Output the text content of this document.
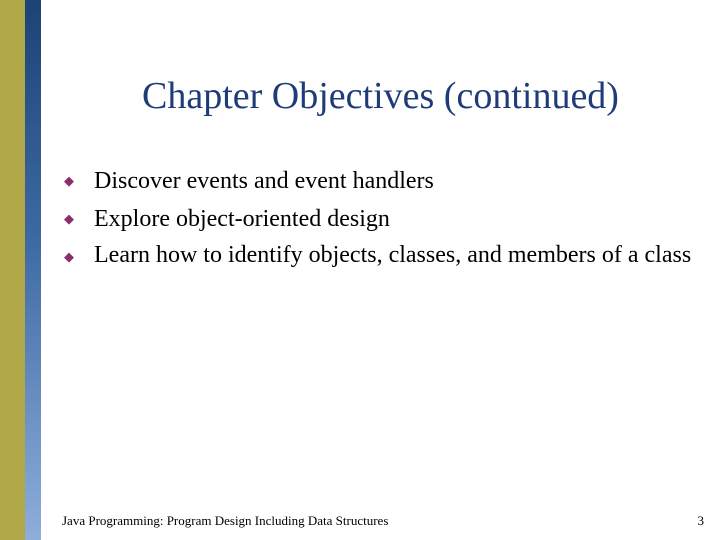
Chapter Objectives (continued)
◆ Discover events and event handlers
◆ Explore object-oriented design
◆ Learn how to identify objects, classes, and members of a class
Java Programming: Program Design Including Data Structures	3
